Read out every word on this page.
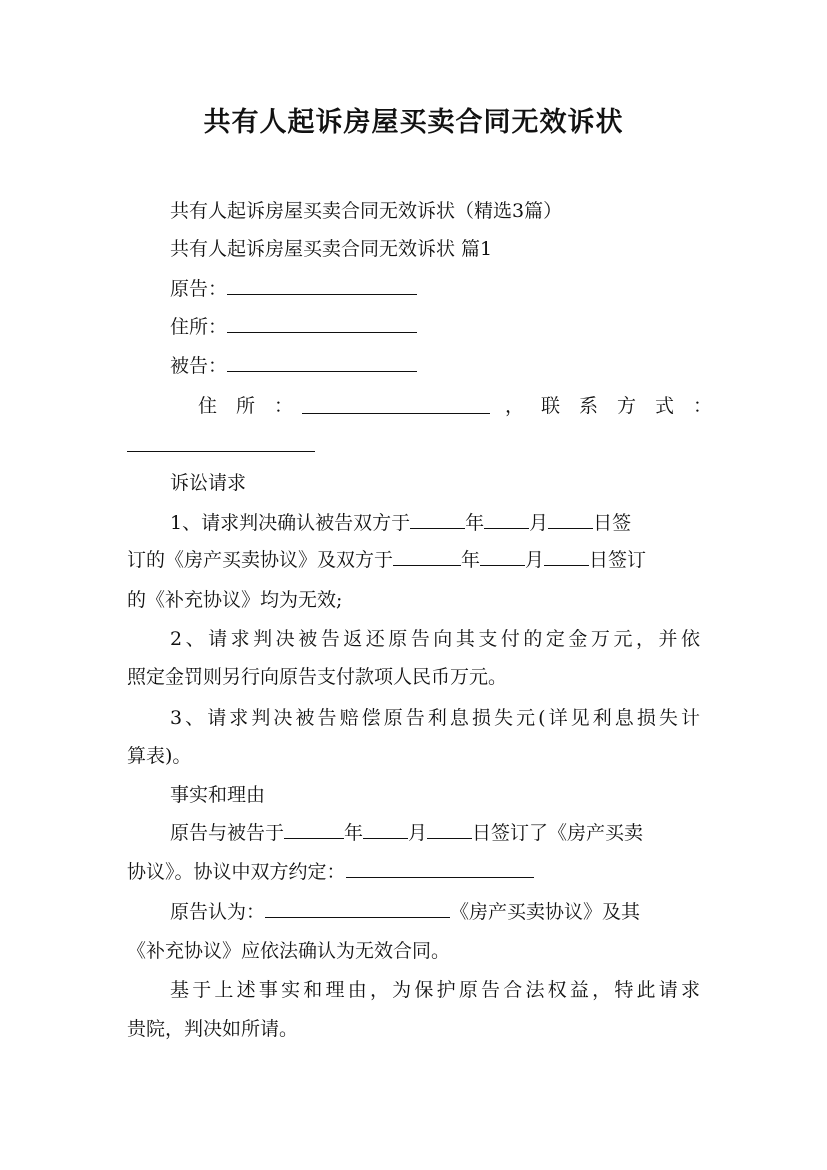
共有人起诉房屋买卖合同无效诉状
共有人起诉房屋买卖合同无效诉状（精选3篇）
共有人起诉房屋买卖合同无效诉状 篇1
原告：
住所：
被告：
住　所　：	， 联　系　方　式　：
诉讼请求
1、请求判决确认被告双方于	年 月 日签
订的《房产买卖协议》及双方于	年 月 日签订
的《补充协议》均为无效;
2、请求判决被告返还原告向其支付的定金万元，并依
照定金罚则另行向原告支付款项人民币万元。
3、请求判决被告赔偿原告利息损失元(详见利息损失计
算表)。
事实和理由
原告与被告于	年 月 日签订了《房产买卖
协议》。协议中双方约定：
原告认为：	《房产买卖协议》及其
《补充协议》应依法确认为无效合同。
基于上述事实和理由，为保护原告合法权益，特此请求
贵院，判决如所请。
